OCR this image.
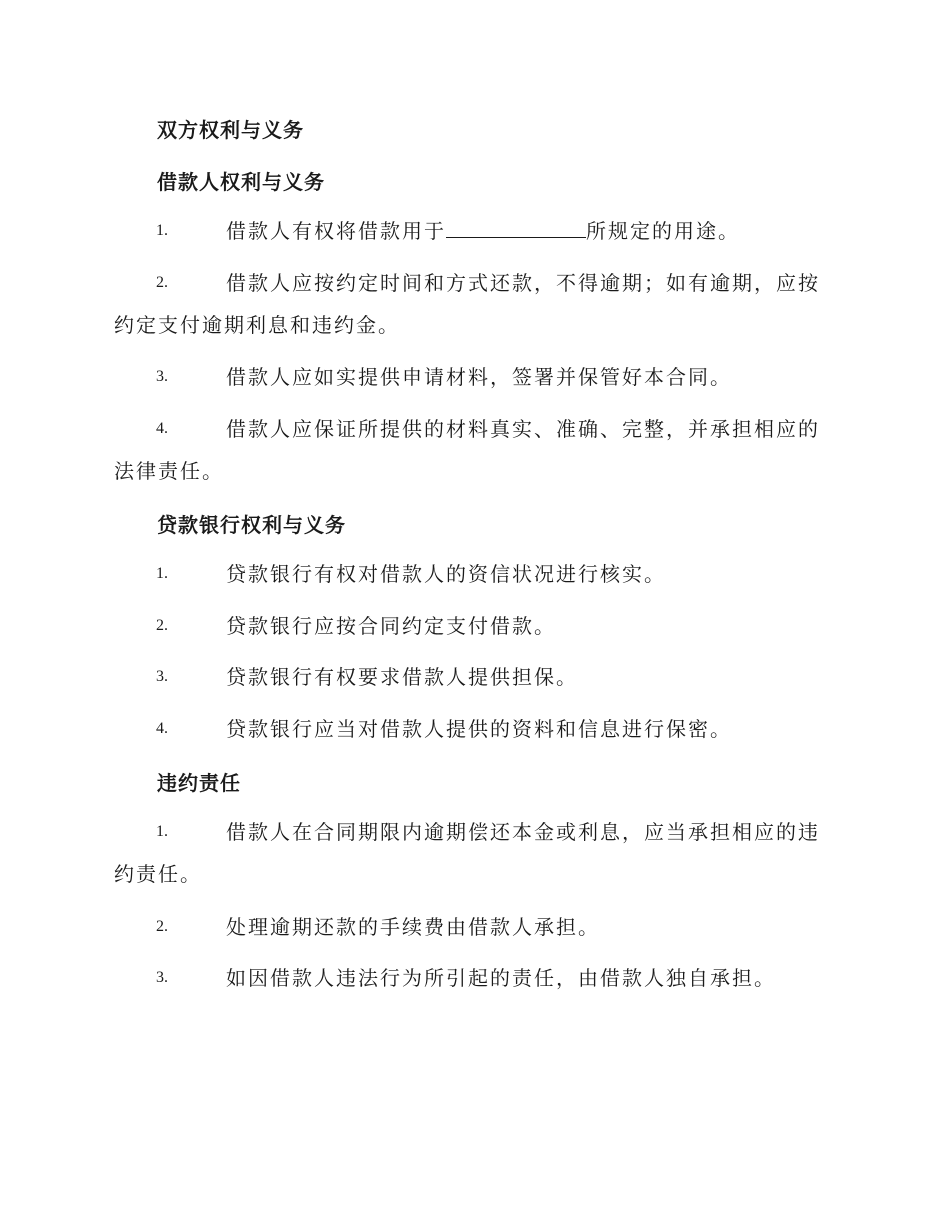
双方权利与义务
借款人权利与义务
1.	借款人有权将借款用于	所规定的用途。
2.	借款人应按约定时间和方式还款，不得逾期；如有逾期，应按约定支付逾期利息和违约金。
3.	借款人应如实提供申请材料，签署并保管好本合同。
4.	借款人应保证所提供的材料真实、准确、完整，并承担相应的法律责任。
贷款银行权利与义务
1.	贷款银行有权对借款人的资信状况进行核实。
2.	贷款银行应按合同约定支付借款。
3.	贷款银行有权要求借款人提供担保。
4.	贷款银行应当对借款人提供的资料和信息进行保密。
违约责任
1.	借款人在合同期限内逾期偿还本金或利息，应当承担相应的违约责任。
2.	处理逾期还款的手续费由借款人承担。
3.	如因借款人违法行为所引起的责任，由借款人独自承担。
